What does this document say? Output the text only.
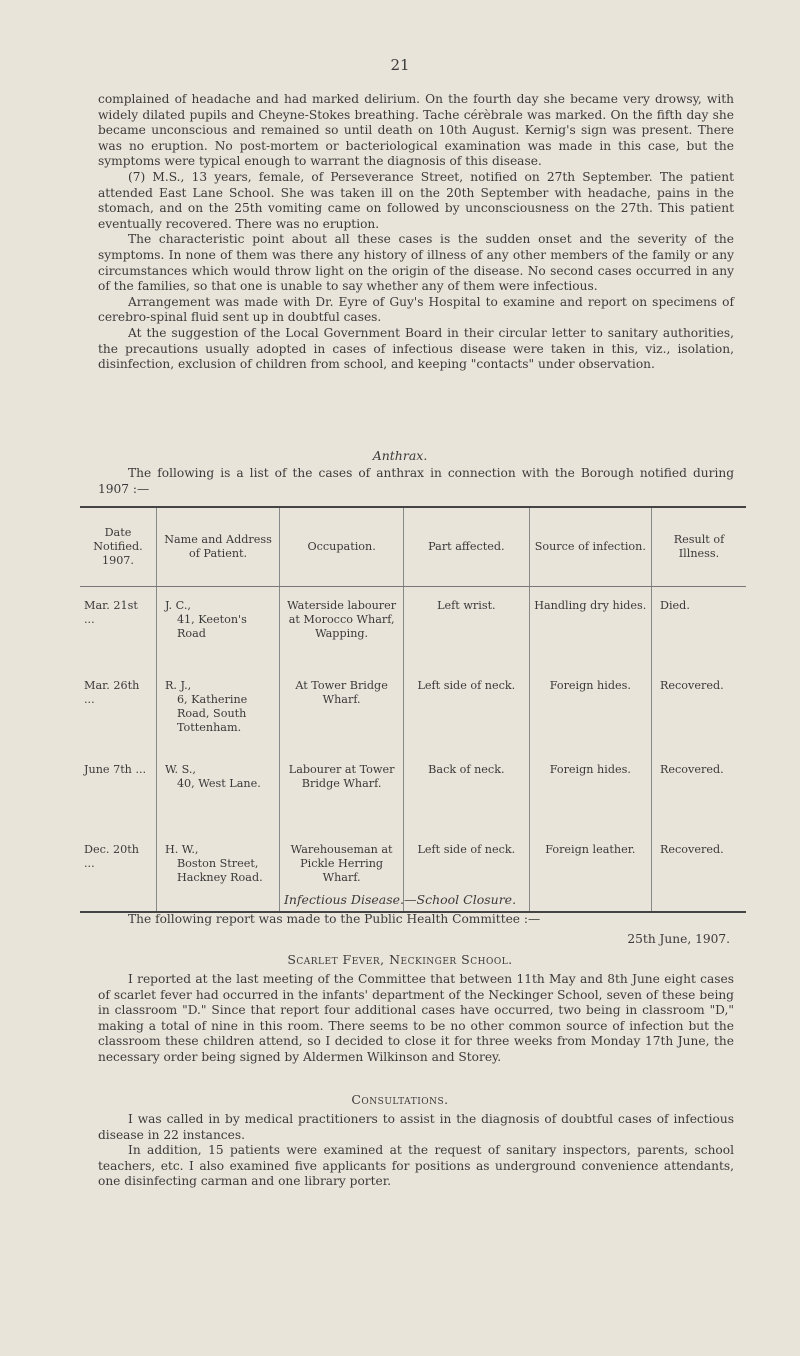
21

complained of headache and had marked delirium. On the fourth day she became very drowsy, with widely dilated pupils and Cheyne-Stokes breathing. Tache cérèbrale was marked. On the fifth day she became unconscious and remained so until death on 10th August. Kernig's sign was present. There was no eruption. No post-mortem or bacteriological examination was made in this case, but the symptoms were typical enough to warrant the diagnosis of this disease.

(7) M.S., 13 years, female, of Perseverance Street, notified on 27th September. The patient attended East Lane School. She was taken ill on the 20th September with headache, pains in the stomach, and on the 25th vomiting came on followed by unconsciousness on the 27th. This patient eventually recovered. There was no eruption.

The characteristic point about all these cases is the sudden onset and the severity of the symptoms. In none of them was there any history of illness of any other members of the family or any circumstances which would throw light on the origin of the disease. No second cases occurred in any of the families, so that one is unable to say whether any of them were infectious.

Arrangement was made with Dr. Eyre of Guy's Hospital to examine and report on specimens of cerebro-spinal fluid sent up in doubtful cases.

At the suggestion of the Local Government Board in their circular letter to sanitary authorities, the precautions usually adopted in cases of infectious disease were taken in this, viz., isolation, disinfection, exclusion of children from school, and keeping "contacts" under observation.

Anthrax.

The following is a list of the cases of anthrax in connection with the Borough notified during 1907 :—

Date Notified. 1907.	Name and Address of Patient.	Occupation.	Part affected.	Source of infection.	Result of Illness.
Mar. 21st ...	J. C.,
41, Keeton's Road	Waterside labourer at Morocco Wharf, Wapping.	Left wrist.	Handling dry hides.	Died.
Mar. 26th ...	R. J.,
6, Katherine Road, South Tottenham.	At Tower Bridge Wharf.	Left side of neck.	Foreign hides.	Recovered.
June 7th ...	W. S.,
40, West Lane.	Labourer at Tower Bridge Wharf.	Back of neck.	Foreign hides.	Recovered.
Dec. 20th ...	H. W.,
Boston Street, Hackney Road.	Warehouseman at Pickle Herring Wharf.	Left side of neck.	Foreign leather.	Recovered.
Infectious Disease.—School Closure.

The following report was made to the Public Health Committee :—

25th June, 1907.
Scarlet Fever, Neckinger School.

I reported at the last meeting of the Committee that between 11th May and 8th June eight cases of scarlet fever had occurred in the infants' department of the Neckinger School, seven of these being in classroom "D." Since that report four additional cases have occurred, two being in classroom "D," making a total of nine in this room. There seems to be no other common source of infection but the classroom these children attend, so I decided to close it for three weeks from Monday 17th June, the necessary order being signed by Aldermen Wilkinson and Storey.

Consultations.

I was called in by medical practitioners to assist in the diagnosis of doubtful cases of infectious disease in 22 instances.

In addition, 15 patients were examined at the request of sanitary inspectors, parents, school teachers, etc. I also examined five applicants for positions as underground convenience attendants, one disinfecting carman and one library porter.
